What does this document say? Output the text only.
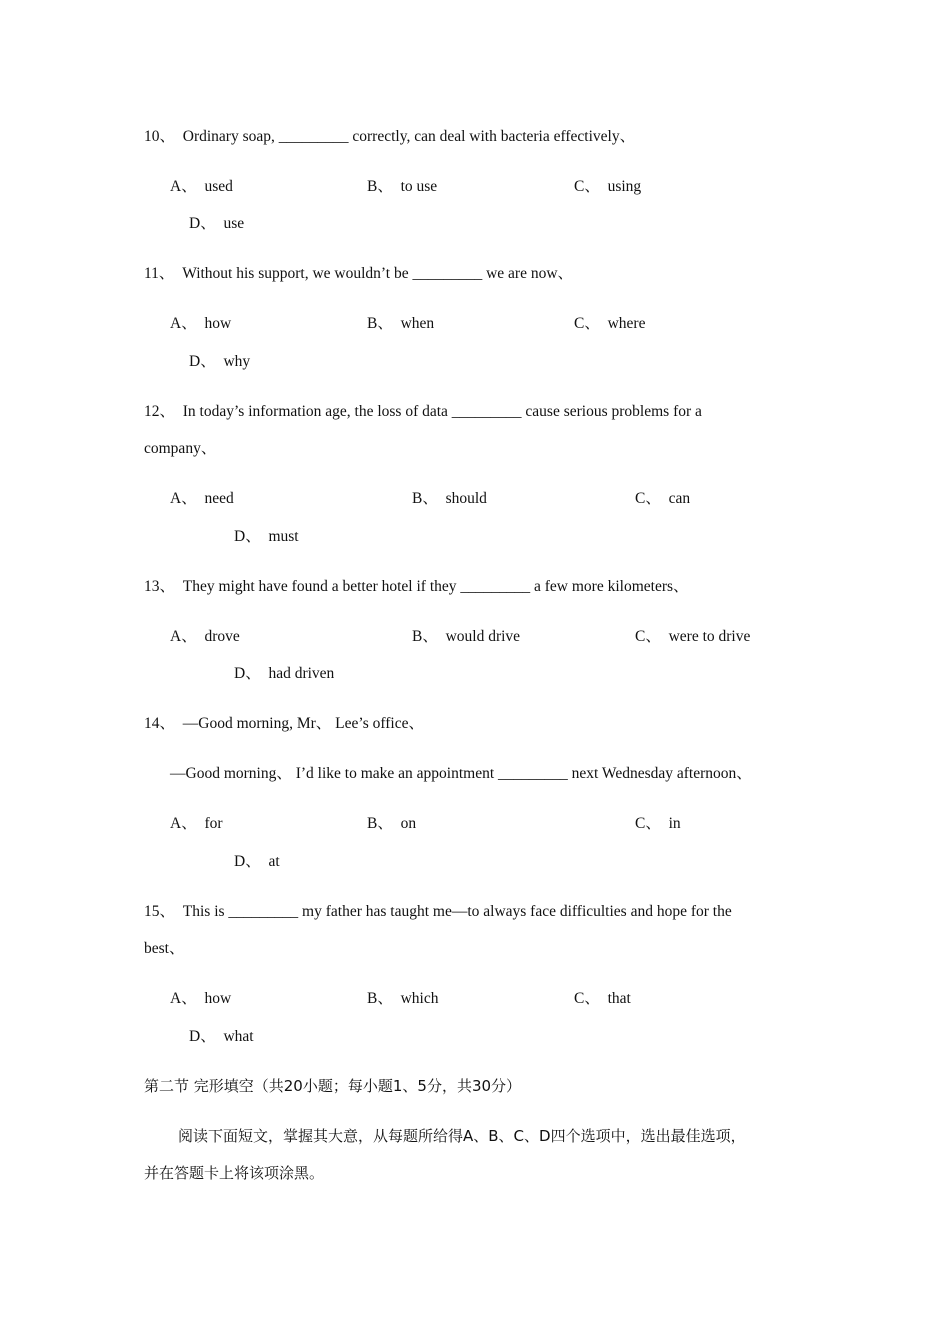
10、 Ordinary soap, _________ correctly, can deal with bacteria effectively、
A、 used	B、 to use	C、 using
D、 use
11、 Without his support, we wouldn’t be _________ we are now、
A、 how	B、 when	C、 where
D、 why
12、 In today’s information age, the loss of data _________ cause serious problems for a
company、
A、 need	B、 should	C、 can
D、 must
13、 They might have found a better hotel if they _________ a few more kilometers、
A、 drove	B、 would drive	C、 were to drive
D、 had driven
14、 —Good morning, Mr、 Lee’s office、
—Good morning、 I’d like to make an appointment _________ next Wednesday afternoon、
A、 for	B、 on	C、 in
D、 at
15、 This is _________ my father has taught me—to always face difficulties and hope for the
best、
A、 how	B、 which	C、 that
D、 what
第二节 完形填空（共20小题；每小题1、5分，共30分）
阅读下面短文，掌握其大意，从每题所给得A、B、C、D四个选项中，选出最佳选项，
并在答题卡上将该项涂黑。
